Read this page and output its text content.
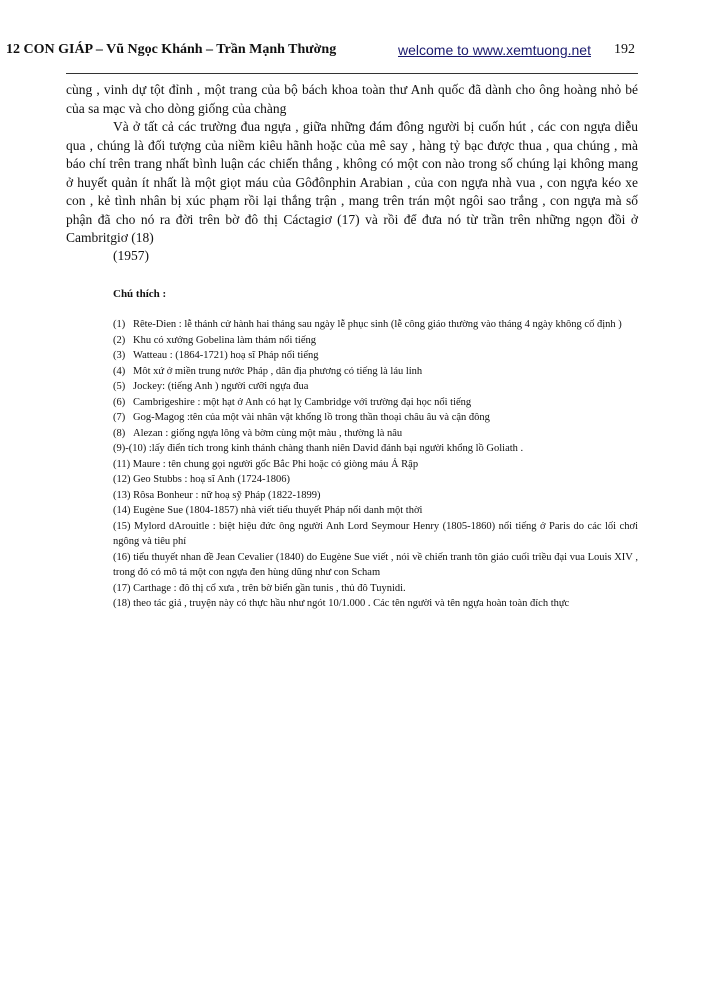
12 CON GIÁP – Vũ Ngọc Khánh – Trần Mạnh Thường	welcome to www.xemtuong.net 192

cùng , vinh dự tột đỉnh , một trang của bộ bách khoa toàn thư Anh quốc đã dành cho ông hoàng nhỏ bé của sa mạc và cho dòng giống của chàng

Và ở tất cả các trường đua ngựa , giữa những đám đông người bị cuốn hút , các con ngựa diễu qua , chúng là đối tượng của niềm kiêu hãnh hoặc của mê say , hàng tỷ bạc được thua , qua chúng , mà báo chí trên trang nhất bình luận các chiến thắng , không có một con nào trong số chúng lại không mang ở huyết quản ít nhất là một giọt máu của Gôđônphin Arabian , của con ngựa nhà vua , con ngựa kéo xe con , kẻ tình nhân bị xúc phạm rồi lại thắng trận , mang trên trán một ngôi sao trắng , con ngựa mà số phận đã cho nó ra đời trên bờ đô thị Cáctagiơ (17) và rồi để đưa nó từ trần trên những ngọn đồi ở Cambritgiơ (18)

(1957)
Chú thích :
(1) Rête-Dien : lễ thánh cử hành hai tháng sau ngày lễ phục sinh (lễ công giáo thường vào tháng 4 ngày không cố định )
(2) Khu có xưởng Gobelina làm thảm nổi tiếng
(3) Watteau : (1864-1721) hoạ sĩ Pháp nổi tiếng
(4) Môt xứ ở miền trung nước Pháp , dân địa phương có tiếng là láu lỉnh
(5) Jockey: (tiếng Anh ) người cưỡi ngựa đua
(6) Cambrigeshire : một hạt ở Anh có hạt lỵ Cambridge với trường đại học nổi tiếng
(7) Gog-Magog :tên của một vài nhân vật khổng lồ trong thần thoại châu âu và cận đông
(8) Alezan : giống ngựa lông và bờm cùng một màu , thường là nâu
(9)-(10) :lấy điển tích trong kinh thánh chàng thanh niên David đánh bại người khổng lồ Goliath .
(11) Maure : tên chung gọi người gốc Bắc Phi hoặc có giòng máu Ả Rập
(12) Geo Stubbs : hoạ sĩ Anh (1724-1806)
(13) Rôsa Bonheur : nữ hoạ sỹ Pháp (1822-1899)
(14) Eugène Sue (1804-1857) nhà viết tiểu thuyết Pháp nổi danh một thời
(15) Mylord dArouitle : biệt hiệu đức ông người Anh Lord Seymour Henry (1805-1860) nổi tiếng ở Paris do các lối chơi ngông và tiêu phí
(16) tiểu thuyết nhan đề Jean Cevalier (1840) do Eugène Sue viết , nói về chiến tranh tôn giáo cuối triều đại vua Louis XIV , trong đó có mô tả một con ngựa đen hùng dũng như con Scham
(17) Carthage : đô thị cổ xưa , trên bờ biển gần tunis , thủ đô Tuynidi.
(18) theo tác giả , truyện này có thực hầu như ngót 10/1.000 . Các tên người và tên ngựa hoàn toàn đích thực
